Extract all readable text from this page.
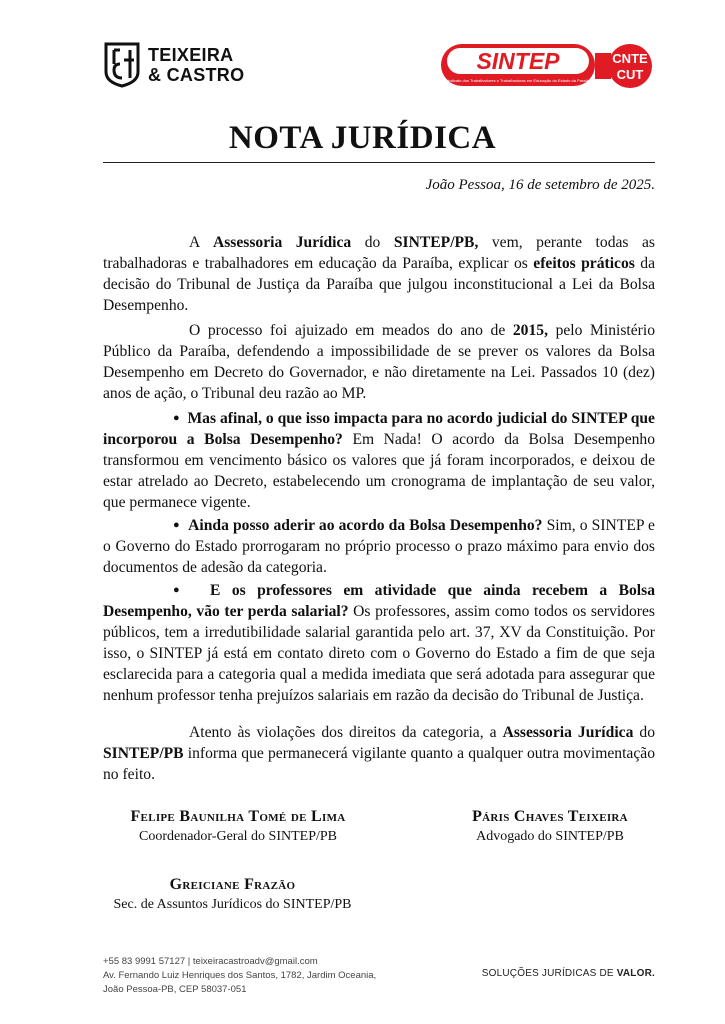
TEIXEIRA
& CASTRO
SINTEP
Sindicato dos Trabalhadores e Trabalhadoras em Educação do Estado da Paraíba
CNTE
CUT
NOTA JURÍDICA
João Pessoa, 16 de setembro de 2025.

A Assessoria Jurídica do SINTEP/PB, vem, perante todas as trabalhadoras e trabalhadores em educação da Paraíba, explicar os efeitos práticos da decisão do Tribunal de Justiça da Paraíba que julgou inconstitucional a Lei da Bolsa Desempenho.

O processo foi ajuizado em meados do ano de 2015, pelo Ministério Público da Paraíba, defendendo a impossibilidade de se prever os valores da Bolsa Desempenho em Decreto do Governador, e não diretamente na Lei. Passados 10 (dez) anos de ação, o Tribunal deu razão ao MP.

● Mas afinal, o que isso impacta para no acordo judicial do SINTEP que incorporou a Bolsa Desempenho? Em Nada! O acordo da Bolsa Desempenho transformou em vencimento básico os valores que já foram incorporados, e deixou de estar atrelado ao Decreto, estabelecendo um cronograma de implantação de seu valor, que permanece vigente.

● Ainda posso aderir ao acordo da Bolsa Desempenho? Sim, o SINTEP e o Governo do Estado prorrogaram no próprio processo o prazo máximo para envio dos documentos de adesão da categoria.

● E os professores em atividade que ainda recebem a Bolsa Desempenho, vão ter perda salarial? Os professores, assim como todos os servidores públicos, tem a irredutibilidade salarial garantida pelo art. 37, XV da Constituição. Por isso, o SINTEP já está em contato direto com o Governo do Estado a fim de que seja esclarecida para a categoria qual a medida imediata que será adotada para assegurar que nenhum professor tenha prejuízos salariais em razão da decisão do Tribunal de Justiça.

Atento às violações dos direitos da categoria, a Assessoria Jurídica do SINTEP/PB informa que permanecerá vigilante quanto a qualquer outra movimentação no feito.

Felipe Baunilha Tomé de Lima
Coordenador-Geral do SINTEP/PB
Páris Chaves Teixeira
Advogado do SINTEP/PB
Greiciane Frazão
Sec. de Assuntos Jurídicos do SINTEP/PB
+55 83 9991 57127 | teixeiracastroadv@gmail.com
Av. Fernando Luiz Henriques dos Santos, 1782, Jardim Oceania,
João Pessoa-PB, CEP 58037-051
SOLUÇÕES JURÍDICAS DE VALOR.
